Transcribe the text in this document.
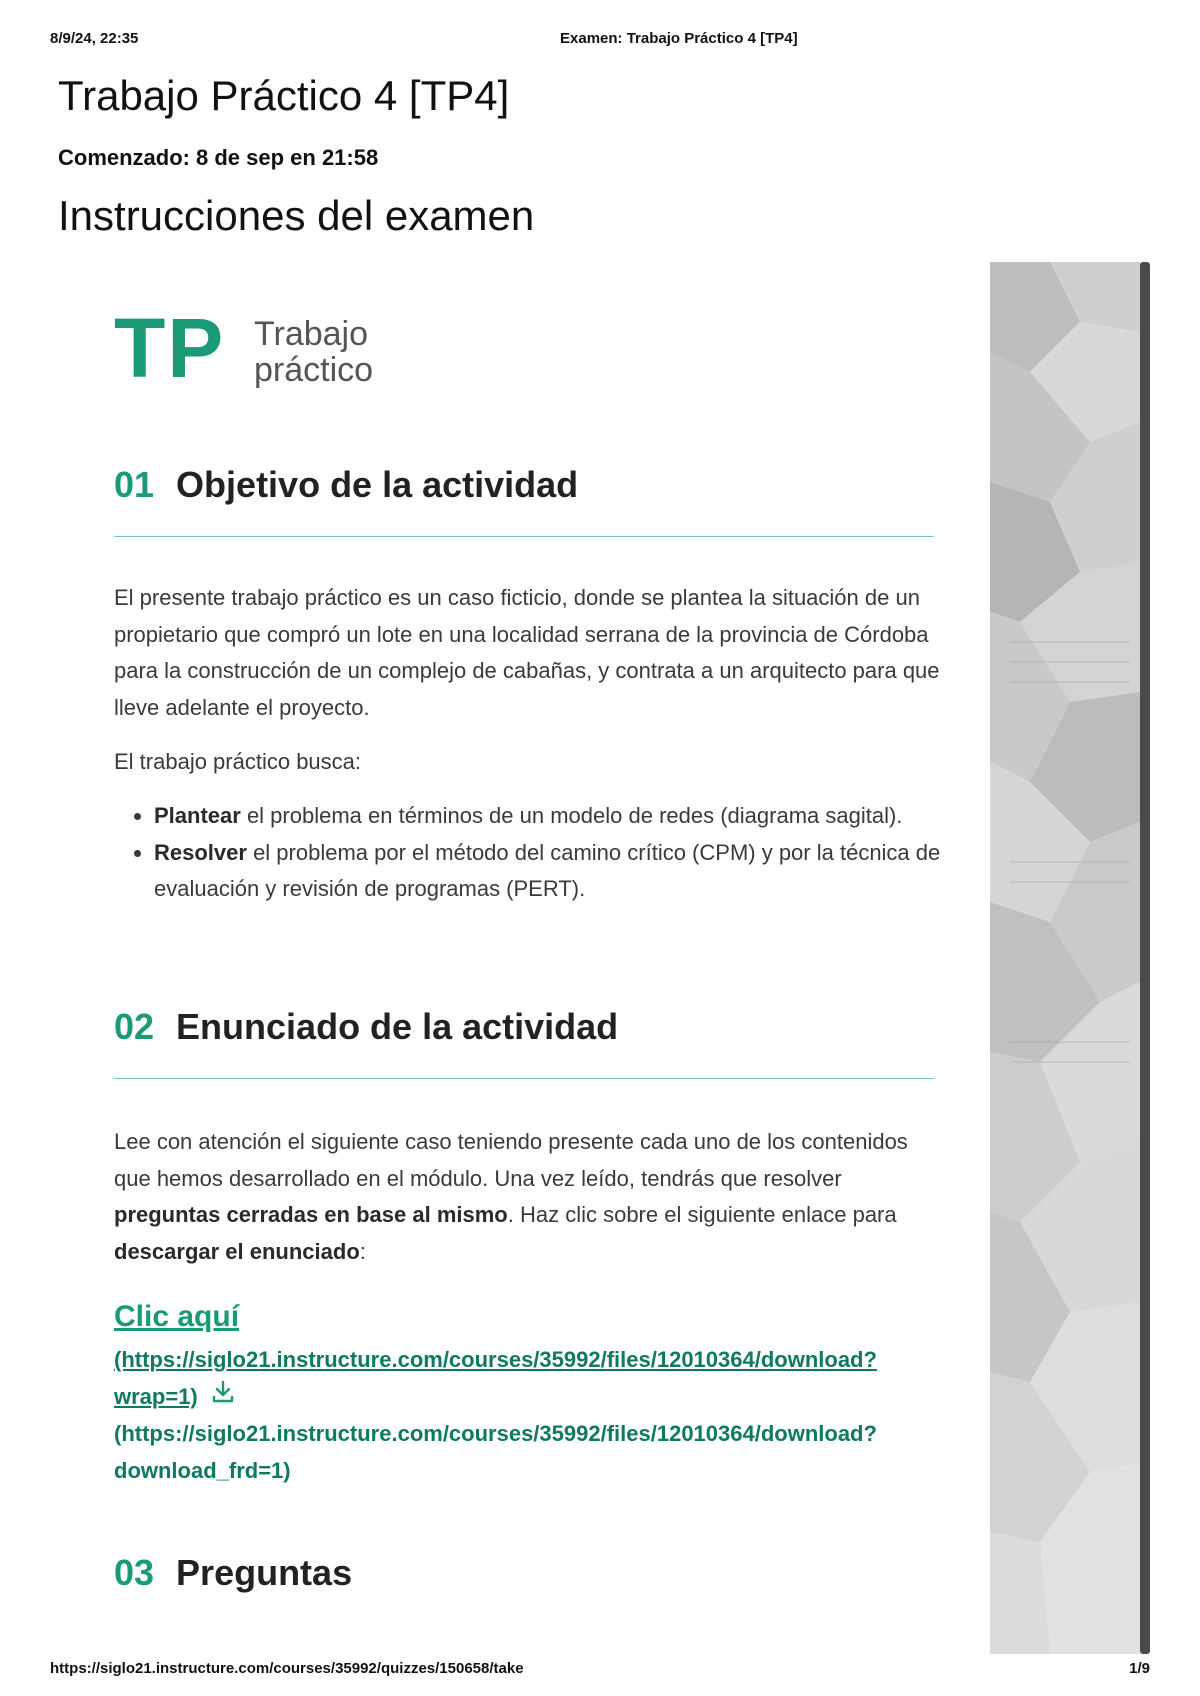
8/9/24, 22:35	Examen: Trabajo Práctico 4 [TP4]
Trabajo Práctico 4 [TP4]
Comenzado: 8 de sep en 21:58
Instrucciones del examen
TP Trabajo
práctico
01 Objetivo de la actividad

El presente trabajo práctico es un caso ficticio, donde se plantea la situación de un propietario que compró un lote en una localidad serrana de la provincia de Córdoba para la construcción de un complejo de cabañas, y contrata a un arquitecto para que lleve adelante el proyecto.

El trabajo práctico busca:

• Plantear el problema en términos de un modelo de redes (diagrama sagital).
• Resolver el problema por el método del camino crítico (CPM) y por la técnica de evaluación y revisión de programas (PERT).
02 Enunciado de la actividad

Lee con atención el siguiente caso teniendo presente cada uno de los contenidos que hemos desarrollado en el módulo. Una vez leído, tendrás que resolver preguntas cerradas en base al mismo. Haz clic sobre el siguiente enlace para descargar el enunciado:

Clic aquí
(https://siglo21.instructure.com/courses/35992/files/12010364/download?
wrap=1)
(https://siglo21.instructure.com/courses/35992/files/12010364/download?
download_frd=1)
03 Preguntas
https://siglo21.instructure.com/courses/35992/quizzes/150658/take	1/9
